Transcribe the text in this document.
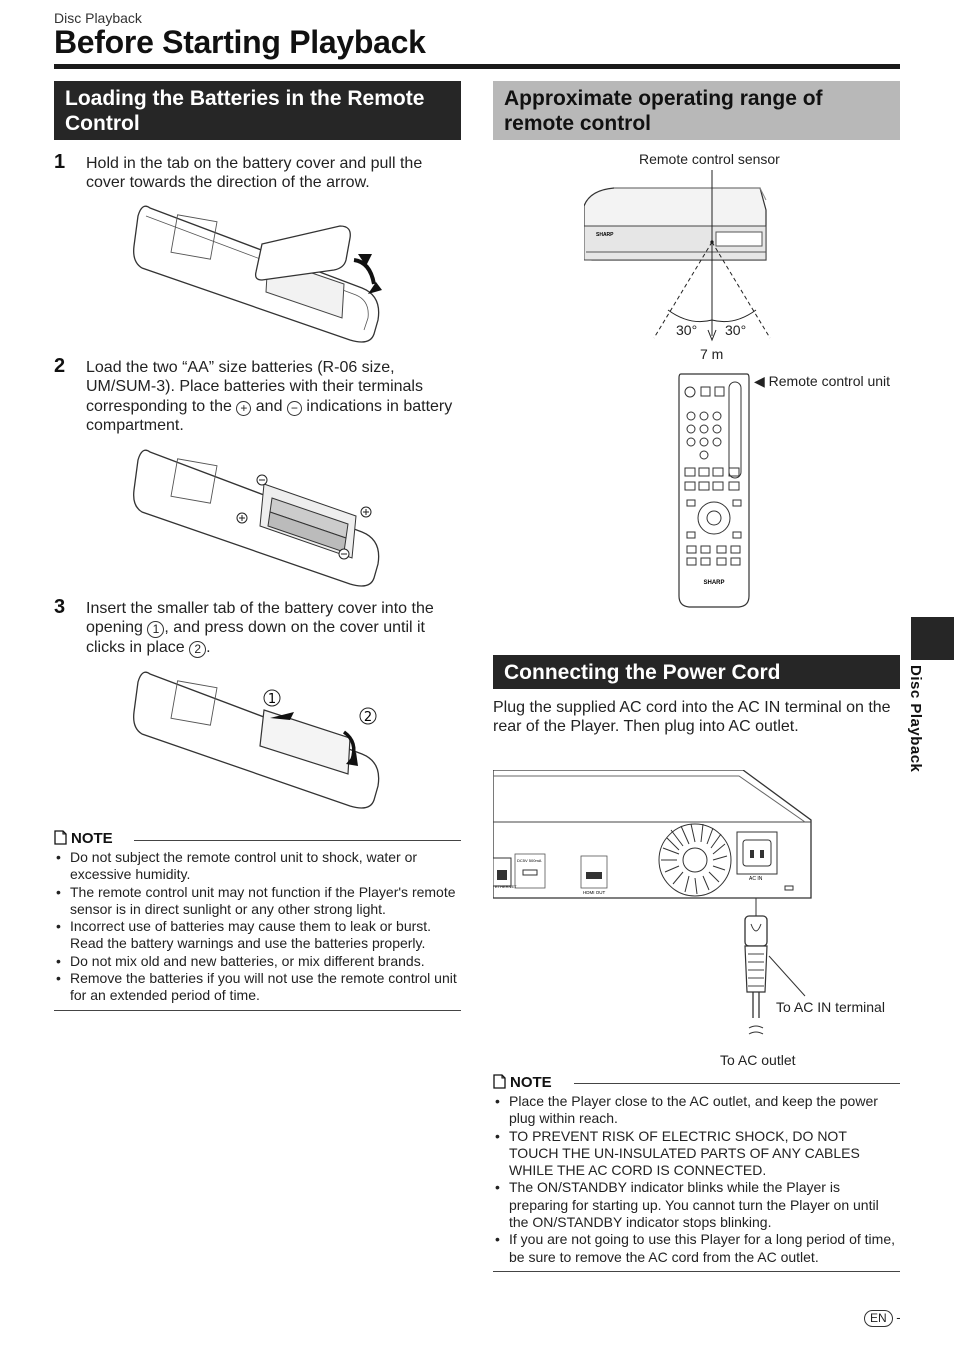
Disc Playback
Before Starting Playback
Loading the Batteries in the Remote Control
1 Hold in the tab on the battery cover and pull the cover towards the direction of the arrow.
2 Load the two “AA” size batteries (R-06 size, UM/SUM-3). Place batteries with their terminals corresponding to the + and − indications in battery compartment.
3 Insert the smaller tab of the battery cover into the opening 1 , and press down on the cover until it clicks in place 2 .
1
2
NOTE
• Do not subject the remote control unit to shock, water or excessive humidity.
• The remote control unit may not function if the Player's remote sensor is in direct sunlight or any other strong light.
• Incorrect use of batteries may cause them to leak or burst. Read the battery warnings and use the batteries properly.
• Do not mix old and new batteries, or mix different brands.
• Remove the batteries if you will not use the remote control unit for an extended period of time.
Approximate operating range of remote control
Remote control sensor
SHARP
30° 30°
7 m
SHARP
◀ Remote control unit
Connecting the Power Cord
Plug the supplied AC cord into the AC IN terminal on the rear of the Player. Then plug into AC outlet.
DC5V 500mA
ETHERNET
HDMI OUT
AC IN
To AC IN terminal
To AC outlet
NOTE
• Place the Player close to the AC outlet, and keep the power plug within reach.
• TO PREVENT RISK OF ELECTRIC SHOCK, DO NOT TOUCH THE UN-INSULATED PARTS OF ANY CABLES WHILE THE AC CORD IS CONNECTED.
• The ON/STANDBY indicator blinks while the Player is preparing for starting up. You cannot turn the Player on until the ON/STANDBY indicator stops blinking.
• If you are not going to use this Player for a long period of time, be sure to remove the AC cord from the AC outlet.
Disc Playback
EN -
